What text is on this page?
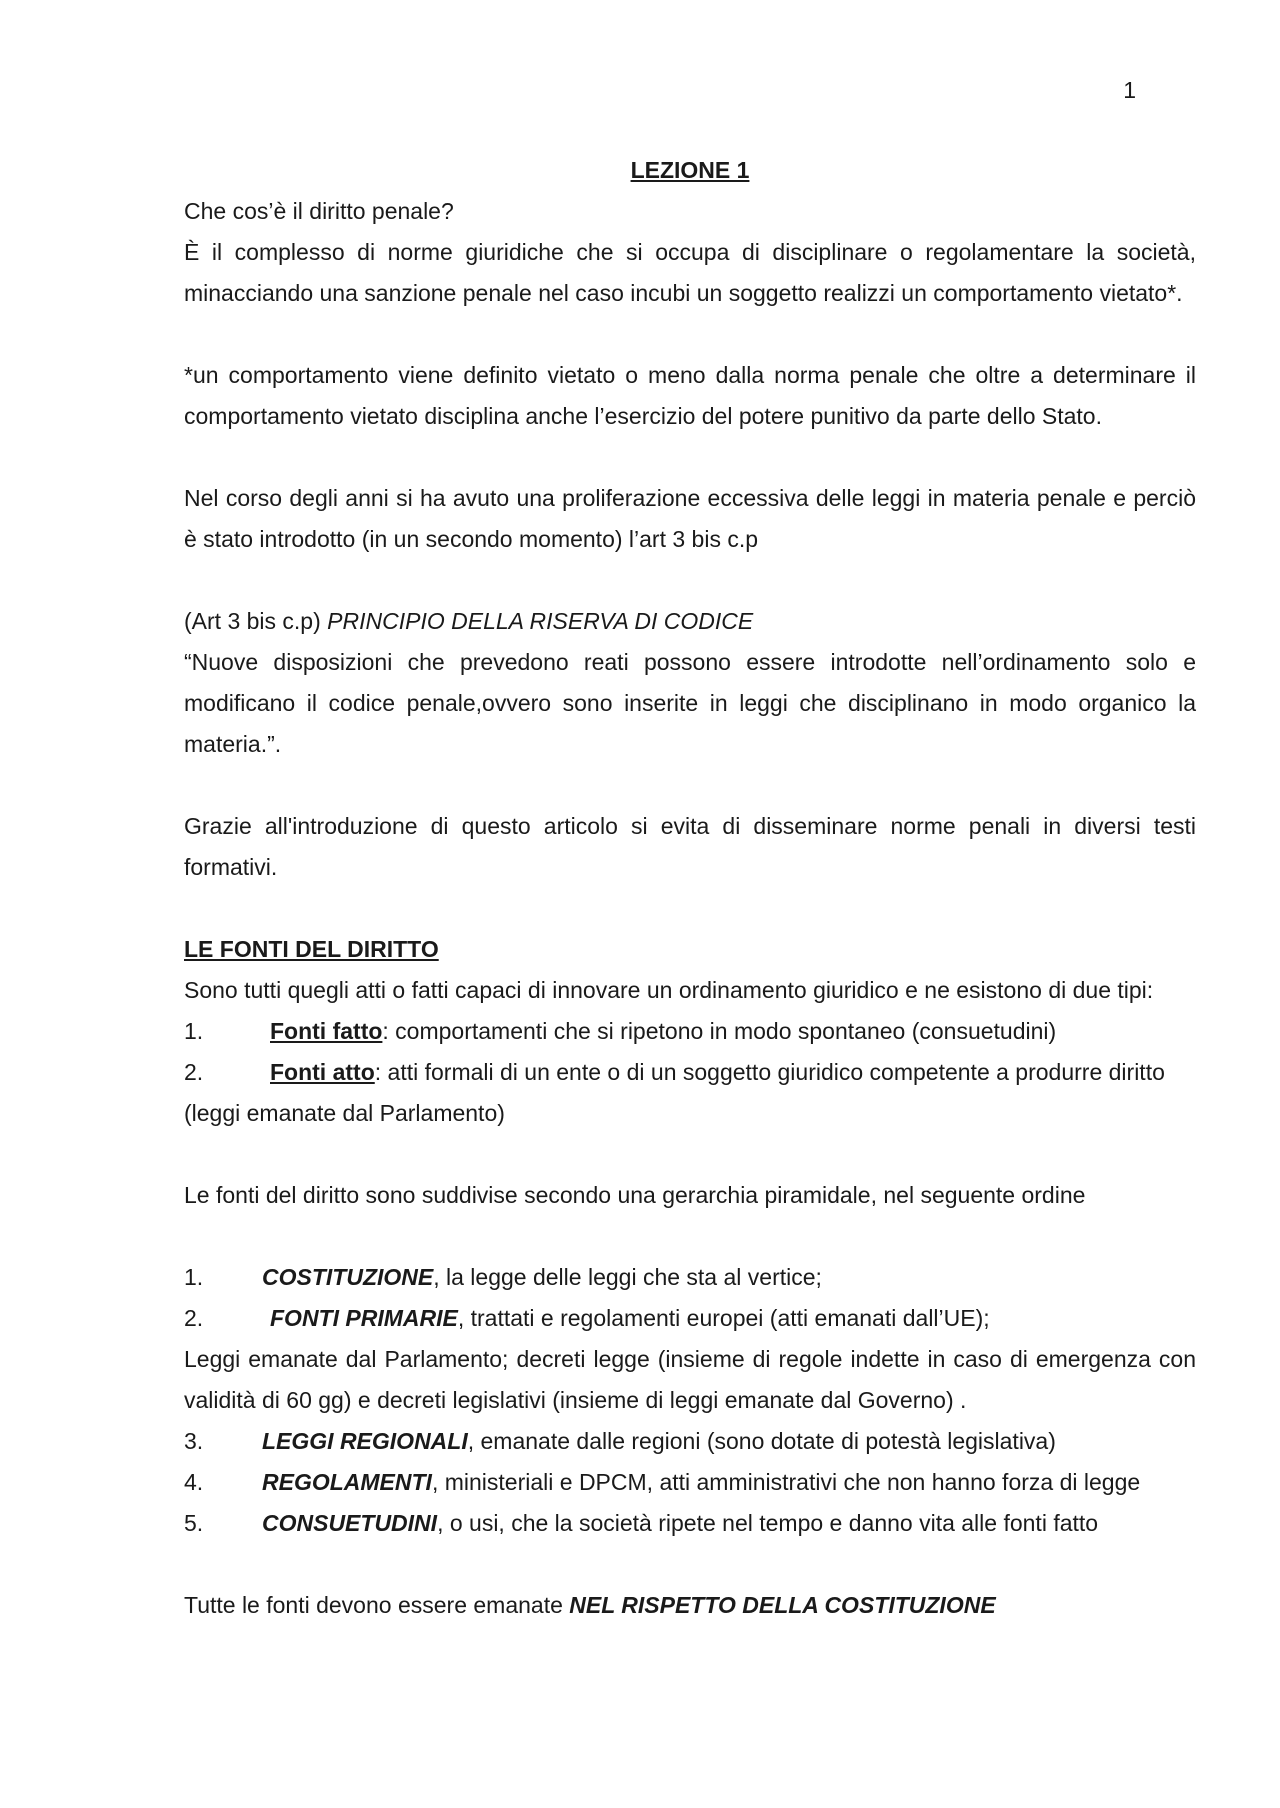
1

LEZIONE 1

Che cos’è il diritto penale?

È il complesso di norme giuridiche che si occupa di disciplinare o regolamentare la società, minacciando una sanzione penale nel caso incubi un soggetto realizzi un comportamento vietato*.

*un comportamento viene definito vietato o meno dalla norma penale che oltre a determinare il comportamento vietato disciplina anche l’esercizio del potere punitivo da parte dello Stato.

Nel corso degli anni si ha avuto una proliferazione eccessiva delle leggi in materia penale e perciò è stato introdotto (in un secondo momento) l’art 3 bis c.p

(Art 3 bis c.p) PRINCIPIO DELLA RISERVA DI CODICE

“Nuove disposizioni che prevedono reati possono essere introdotte nell’ordinamento solo e modificano il codice penale,ovvero sono inserite in leggi che disciplinano in modo organico la materia.”.

Grazie all'introduzione di questo articolo si evita di disseminare norme penali in diversi testi formativi.

LE FONTI DEL DIRITTO

Sono tutti quegli atti o fatti capaci di innovare un ordinamento giuridico e ne esistono di due tipi:

1.	Fonti fatto: comportamenti che si ripetono in modo spontaneo (consuetudini)
2.	Fonti atto: atti formali di un ente o di un soggetto giuridico competente a produrre diritto

(leggi emanate dal Parlamento)

Le fonti del diritto sono suddivise secondo una gerarchia piramidale, nel seguente ordine

1.	COSTITUZIONE, la legge delle leggi che sta al vertice;
2.	FONTI PRIMARIE, trattati e regolamenti europei (atti emanati dall’UE);

Leggi emanate dal Parlamento; decreti legge (insieme di regole indette in caso di emergenza con validità di 60 gg) e decreti legislativi (insieme di leggi emanate dal Governo) .

3.	LEGGI REGIONALI, emanate dalle regioni (sono dotate di potestà legislativa)
4.	REGOLAMENTI, ministeriali e DPCM, atti amministrativi che non hanno forza di legge
5.	CONSUETUDINI, o usi, che la società ripete nel tempo e danno vita alle fonti fatto

Tutte le fonti devono essere emanate NEL RISPETTO DELLA COSTITUZIONE
